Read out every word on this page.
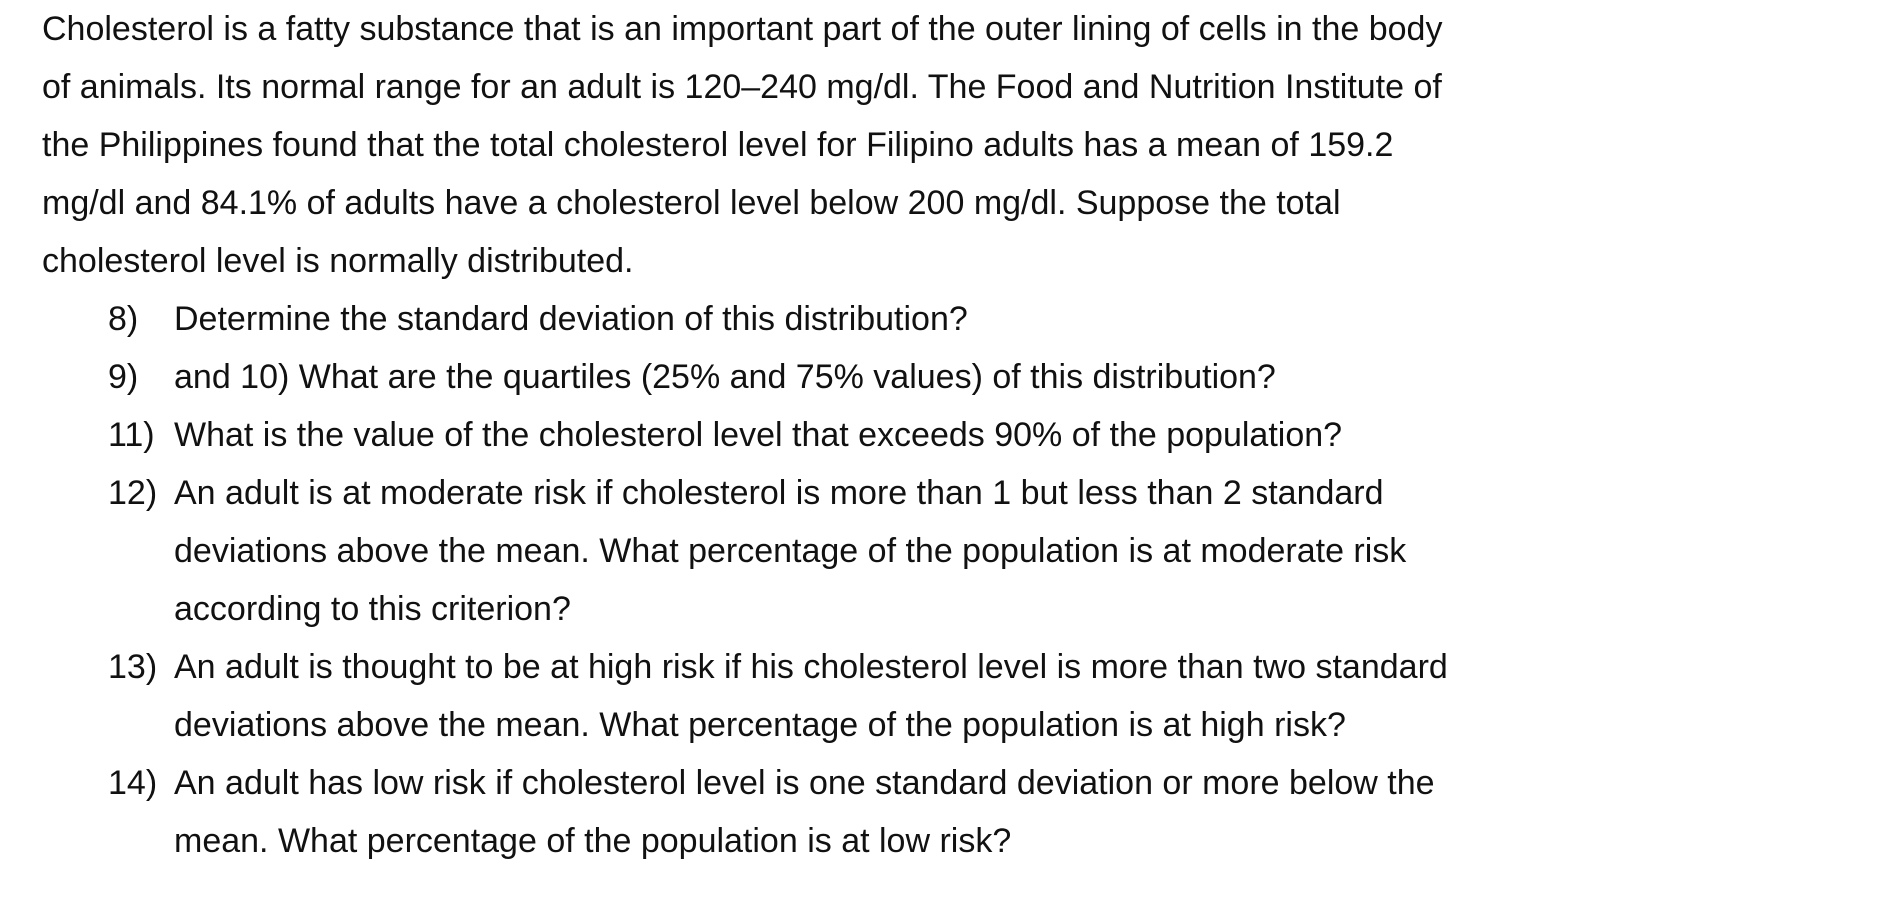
Cholesterol is a fatty substance that is an important part of the outer lining of cells in the body
of animals. Its normal range for an adult is 120–240 mg/dl. The Food and Nutrition Institute of
the Philippines found that the total cholesterol level for Filipino adults has a mean of 159.2
mg/dl and 84.1% of adults have a cholesterol level below 200 mg/dl. Suppose the total
cholesterol level is normally distributed.
8)	Determine the standard deviation of this distribution?
9)	and 10) What are the quartiles (25% and 75% values) of this distribution?
11) What is the value of the cholesterol level that exceeds 90% of the population?
12) An adult is at moderate risk if cholesterol is more than 1 but less than 2 standard
deviations above the mean. What percentage of the population is at moderate risk
according to this criterion?
13) An adult is thought to be at high risk if his cholesterol level is more than two standard
deviations above the mean. What percentage of the population is at high risk?
14) An adult has low risk if cholesterol level is one standard deviation or more below the
mean. What percentage of the population is at low risk?
